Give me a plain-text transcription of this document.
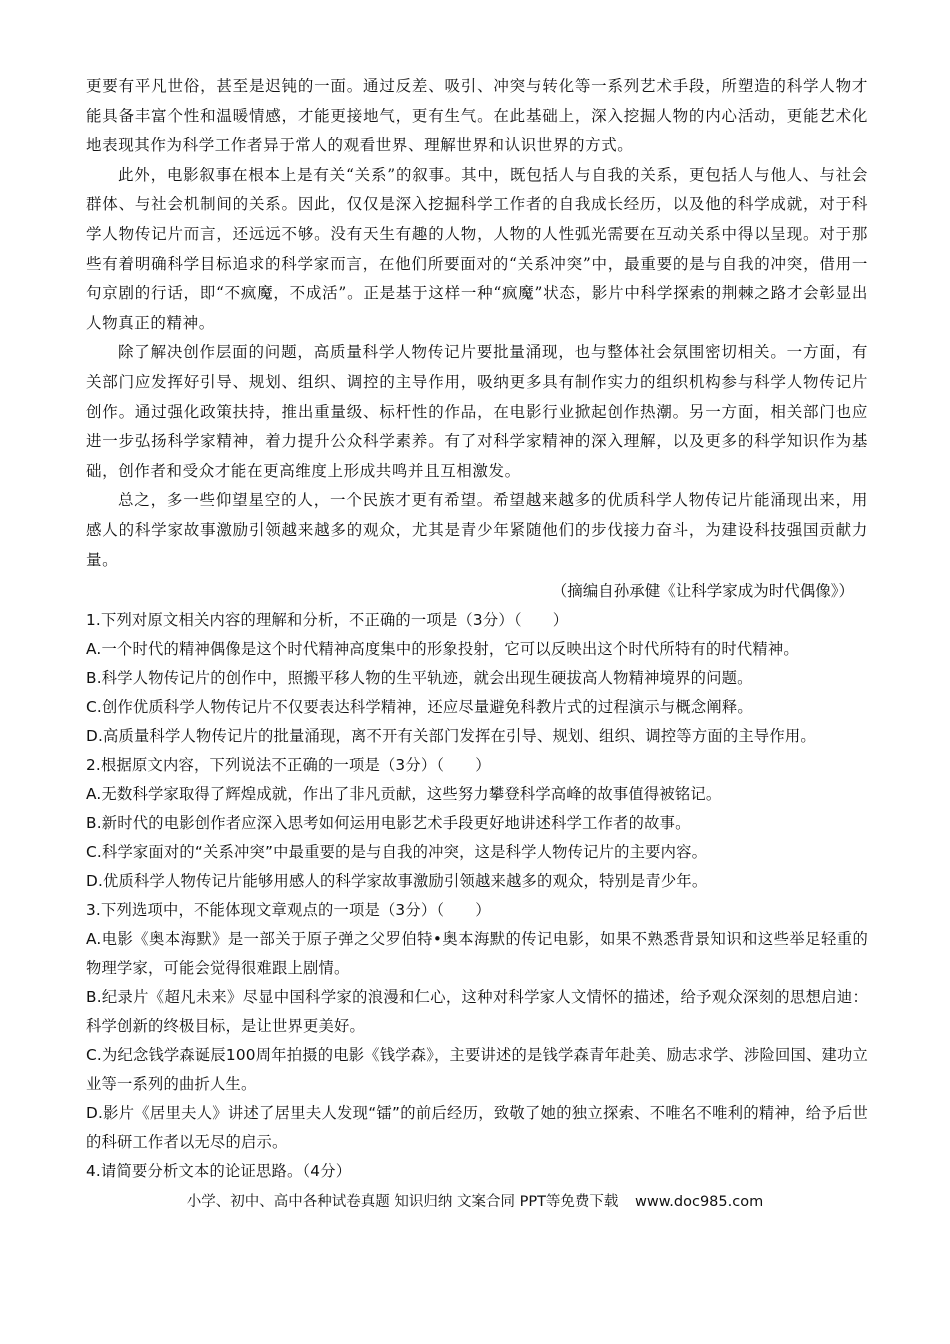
更要有平凡世俗，甚至是迟钝的一面。通过反差、吸引、冲突与转化等一系列艺术手段，所塑造的科学人物才能具备丰富个性和温暖情感，才能更接地气，更有生气。在此基础上，深入挖掘人物的内心活动，更能艺术化地表现其作为科学工作者异于常人的观看世界、理解世界和认识世界的方式。

此外，电影叙事在根本上是有关“关系”的叙事。其中，既包括人与自我的关系，更包括人与他人、与社会群体、与社会机制间的关系。因此，仅仅是深入挖掘科学工作者的自我成长经历，以及他的科学成就，对于科学人物传记片而言，还远远不够。没有天生有趣的人物，人物的人性弧光需要在互动关系中得以呈现。对于那些有着明确科学目标追求的科学家而言，在他们所要面对的“关系冲突”中，最重要的是与自我的冲突，借用一句京剧的行话，即“不疯魔，不成活”。正是基于这样一种“疯魔”状态，影片中科学探索的荆棘之路才会彰显出人物真正的精神。

除了解决创作层面的问题，高质量科学人物传记片要批量涌现，也与整体社会氛围密切相关。一方面，有关部门应发挥好引导、规划、组织、调控的主导作用，吸纳更多具有制作实力的组织机构参与科学人物传记片创作。通过强化政策扶持，推出重量级、标杆性的作品，在电影行业掀起创作热潮。另一方面，相关部门也应进一步弘扬科学家精神，着力提升公众科学素养。有了对科学家精神的深入理解，以及更多的科学知识作为基础，创作者和受众才能在更高维度上形成共鸣并且互相激发。

总之，多一些仰望星空的人，一个民族才更有希望。希望越来越多的优质科学人物传记片能涌现出来，用感人的科学家故事激励引领越来越多的观众，尤其是青少年紧随他们的步伐接力奋斗，为建设科技强国贡献力量。

（摘编自孙承健《让科学家成为时代偶像》）

1.下列对原文相关内容的理解和分析，不正确的一项是（3分）（　　）

A.一个时代的精神偶像是这个时代精神高度集中的形象投射，它可以反映出这个时代所特有的时代精神。

B.科学人物传记片的创作中，照搬平移人物的生平轨迹，就会出现生硬拔高人物精神境界的问题。

C.创作优质科学人物传记片不仅要表达科学精神，还应尽量避免科教片式的过程演示与概念阐释。

D.高质量科学人物传记片的批量涌现，离不开有关部门发挥在引导、规划、组织、调控等方面的主导作用。

2.根据原文内容，下列说法不正确的一项是（3分）（　　）

A.无数科学家取得了辉煌成就，作出了非凡贡献，这些努力攀登科学高峰的故事值得被铭记。

B.新时代的电影创作者应深入思考如何运用电影艺术手段更好地讲述科学工作者的故事。

C.科学家面对的“关系冲突”中最重要的是与自我的冲突，这是科学人物传记片的主要内容。

D.优质科学人物传记片能够用感人的科学家故事激励引领越来越多的观众，特别是青少年。

3.下列选项中，不能体现文章观点的一项是（3分）（　　）

A.电影《奥本海默》是一部关于原子弹之父罗伯特•奥本海默的传记电影，如果不熟悉背景知识和这些举足轻重的物理学家，可能会觉得很难跟上剧情。

B.纪录片《超凡未来》尽显中国科学家的浪漫和仁心，这种对科学家人文情怀的描述，给予观众深刻的思想启迪：科学创新的终极目标，是让世界更美好。

C.为纪念钱学森诞辰100周年拍摄的电影《钱学森》，主要讲述的是钱学森青年赴美、励志求学、涉险回国、建功立业等一系列的曲折人生。

D.影片《居里夫人》讲述了居里夫人发现“镭”的前后经历，致敬了她的独立探索、不唯名不唯利的精神，给予后世的科研工作者以无尽的启示。

4.请简要分析文本的论证思路。（4分）

小学、初中、高中各种试卷真题 知识归纳 文案合同 PPT等免费下载 www.doc985.com
